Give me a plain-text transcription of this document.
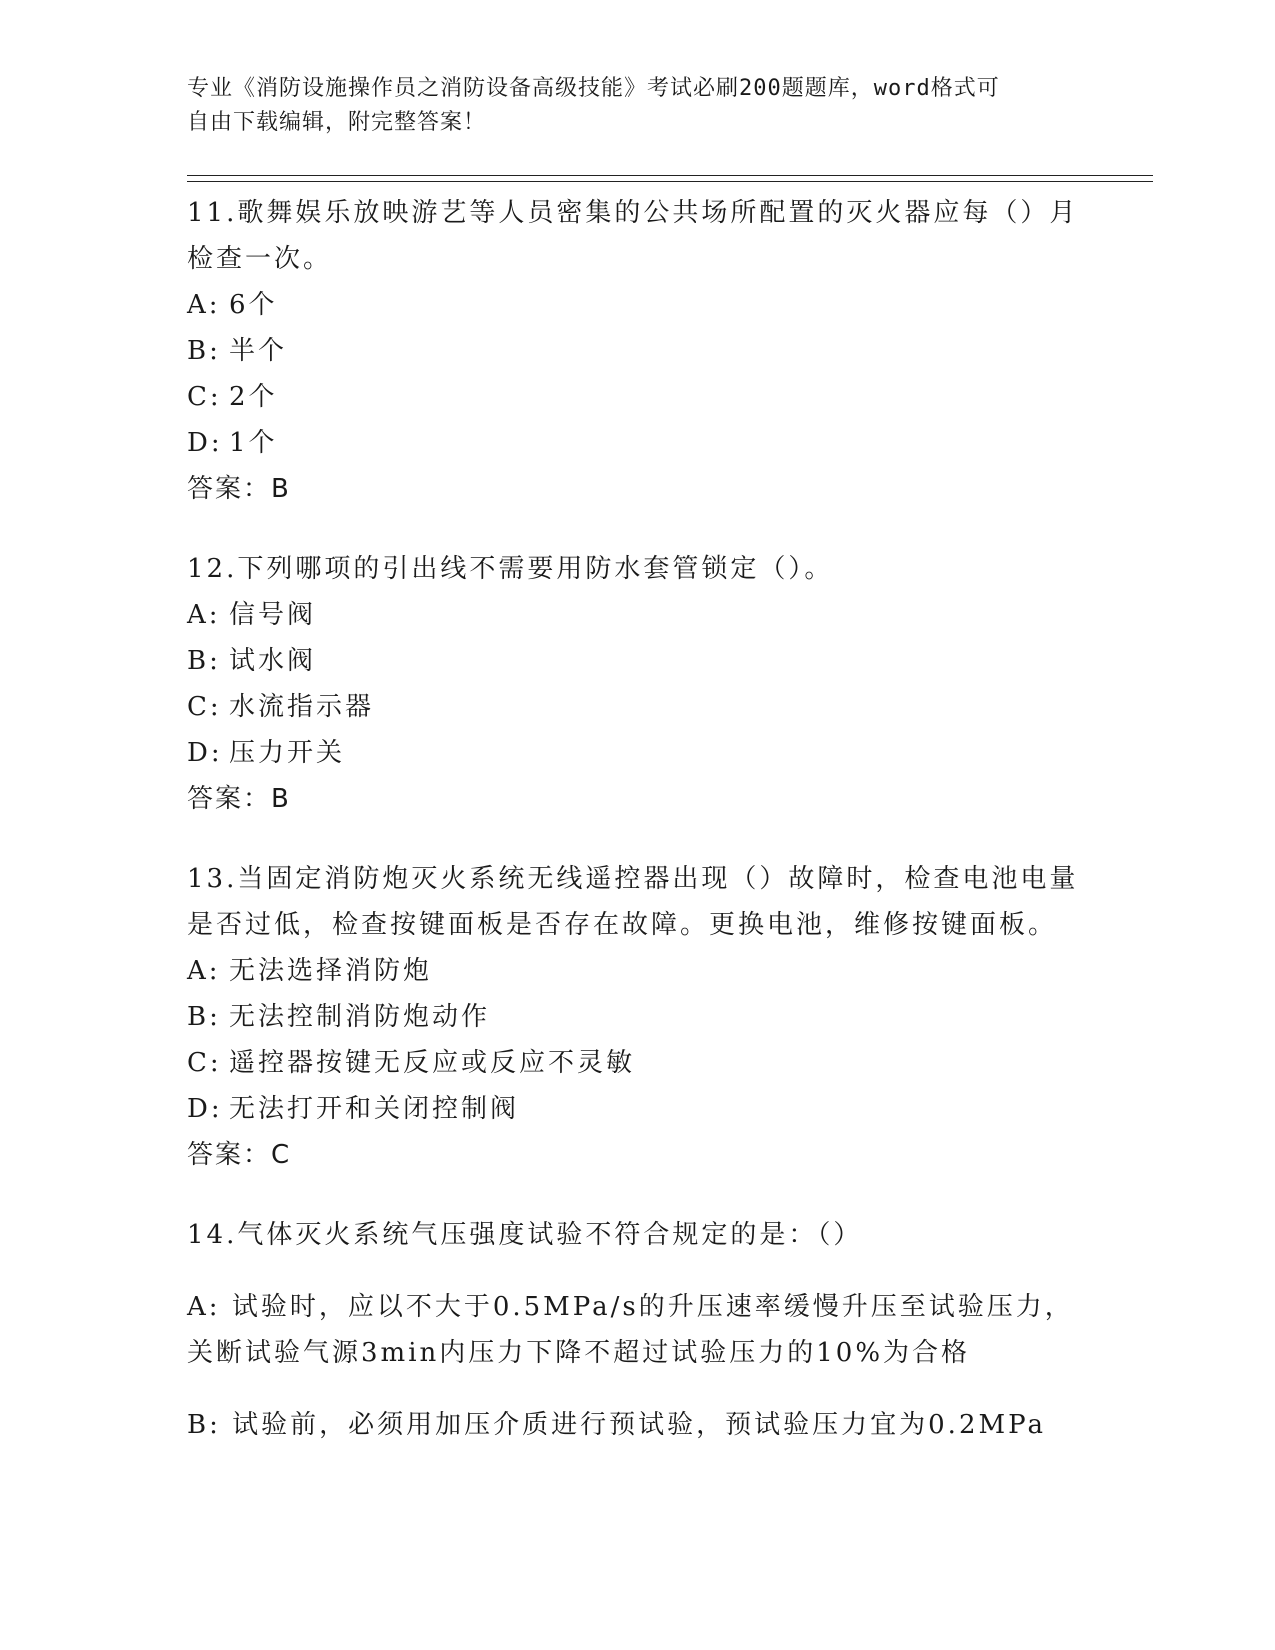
专业《消防设施操作员之消防设备高级技能》考试必刷200题题库，word格式可
自由下载编辑，附完整答案！

11.歌舞娱乐放映游艺等人员密集的公共场所配置的灭火器应每（）月检查一次。

A: 6个

B: 半个

C: 2个

D: 1个

答案：B

12.下列哪项的引出线不需要用防水套管锁定（）。

A: 信号阀

B: 试水阀

C: 水流指示器

D: 压力开关

答案：B

13.当固定消防炮灭火系统无线遥控器出现（）故障时，检查电池电量是否过低，检查按键面板是否存在故障。更换电池，维修按键面板。

A: 无法选择消防炮

B: 无法控制消防炮动作

C: 遥控器按键无反应或反应不灵敏

D: 无法打开和关闭控制阀

答案：C

14.气体灭火系统气压强度试验不符合规定的是：（）

A: 试验时，应以不大于0.5MPa/s的升压速率缓慢升压至试验压力，关断试验气源3min内压力下降不超过试验压力的10%为合格

B: 试验前，必须用加压介质进行预试验，预试验压力宜为0.2MPa
